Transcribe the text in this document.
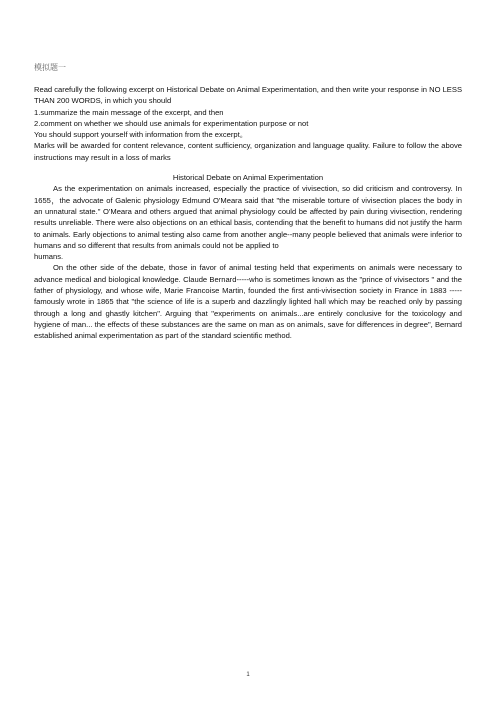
模拟题一

Read carefully the following excerpt on Historical Debate on Animal Experimentation, and then write your response in NO LESS THAN 200 WORDS, in which you should

1.summarize the main message of the excerpt, and then

2.comment on whether we should use animals for experimentation purpose or not

You should support yourself with information from the excerpt。

Marks will be awarded for content relevance, content sufficiency, organization and language quality. Failure to follow the above instructions may result in a loss of marks

Historical Debate on Animal Experimentation

As the experimentation on animals increased, especially the practice of vivisection, so did criticism and controversy. In 1655，the advocate of Galenic physiology Edmund O'Meara said that "the miserable torture of vivisection places the body in an unnatural state." O'Meara and others argued that animal physiology could be affected by pain during vivisection, rendering results unreliable. There were also objections on an ethical basis, contending that the benefit to humans did not justify the harm to animals. Early objections to animal testing also came from another angle--many people believed that animals were inferior to humans and so different that results from animals could not be applied to

humans.

On the other side of the debate, those in favor of animal testing held that experiments on animals were necessary to advance medical and biological knowledge. Claude Bernard-----who is sometimes known as the "prince of vivisectors " and the father of physiology, and whose wife, Marie Francoise Martin, founded the first anti-vivisection society in France in 1883 -----famously wrote in 1865 that "the science of life is a superb and dazzlingly lighted hall which may be reached only by passing through a long and ghastly kitchen". Arguing that "experiments on animals...are entirely conclusive for the toxicology and hygiene of man... the effects of these substances are the same on man as on animals, save for differences in degree", Bernard established animal experimentation as part of the standard scientific method.

1
